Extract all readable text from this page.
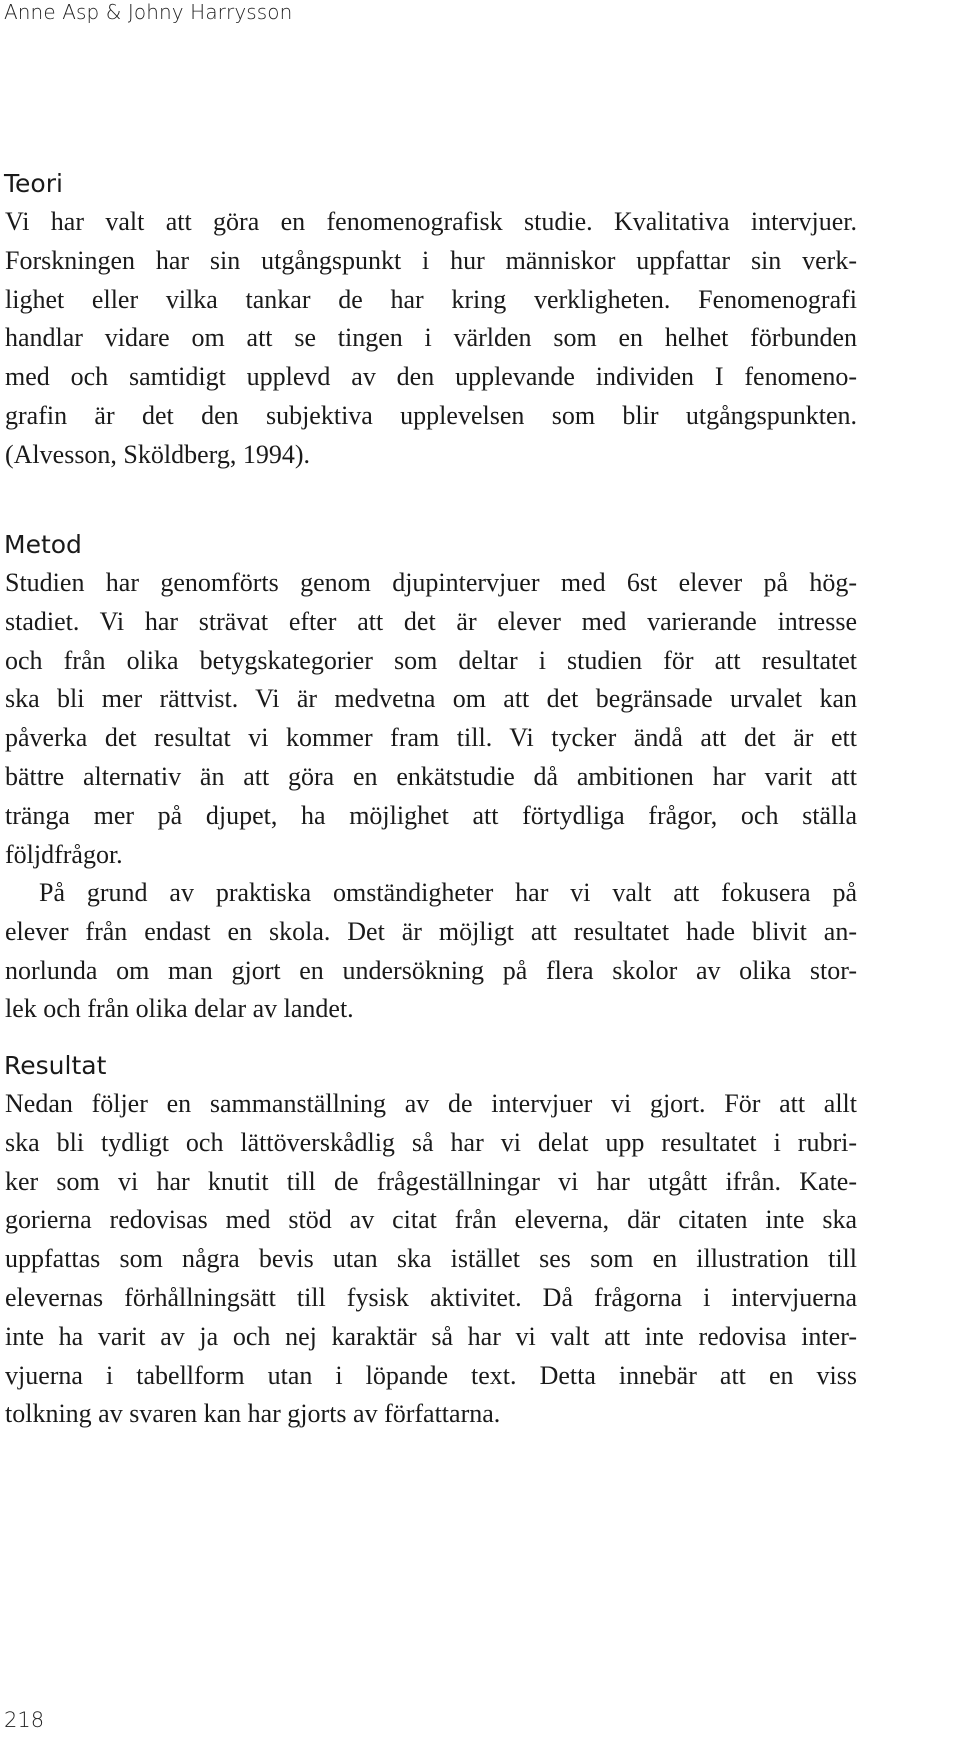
Anne Asp & Johny Harrysson
Teori
Vi har valt att göra en fenomenografisk studie. Kvalitativa intervjuer.
Forskningen har sin utgångspunkt i hur människor uppfattar sin verk-
lighet eller vilka tankar de har kring verkligheten. Fenomenografi
handlar vidare om att se tingen i världen som en helhet förbunden
med och samtidigt upplevd av den upplevande individen I fenomeno-
grafin är det den subjektiva upplevelsen som blir utgångspunkten.
(Alvesson, Sköldberg, 1994).
Metod
Studien har genomförts genom djupintervjuer med 6st elever på hög-
stadiet. Vi har strävat efter att det är elever med varierande intresse
och från olika betygskategorier som deltar i studien för att resultatet
ska bli mer rättvist. Vi är medvetna om att det begränsade urvalet kan
påverka det resultat vi kommer fram till. Vi tycker ändå att det är ett
bättre alternativ än att göra en enkätstudie då ambitionen har varit att
tränga mer på djupet, ha möjlighet att förtydliga frågor, och ställa
följdfrågor.
På grund av praktiska omständigheter har vi valt att fokusera på
elever från endast en skola. Det är möjligt att resultatet hade blivit an-
norlunda om man gjort en undersökning på flera skolor av olika stor-
lek och från olika delar av landet.
Resultat
Nedan följer en sammanställning av de intervjuer vi gjort. För att allt
ska bli tydligt och lättöverskådlig så har vi delat upp resultatet i rubri-
ker som vi har knutit till de frågeställningar vi har utgått ifrån. Kate-
gorierna redovisas med stöd av citat från eleverna, där citaten inte ska
uppfattas som några bevis utan ska istället ses som en illustration till
elevernas förhållningsätt till fysisk aktivitet. Då frågorna i intervjuerna
inte ha varit av ja och nej karaktär så har vi valt att inte redovisa inter-
vjuerna i tabellform utan i löpande text. Detta innebär att en viss
tolkning av svaren kan har gjorts av författarna.
218
